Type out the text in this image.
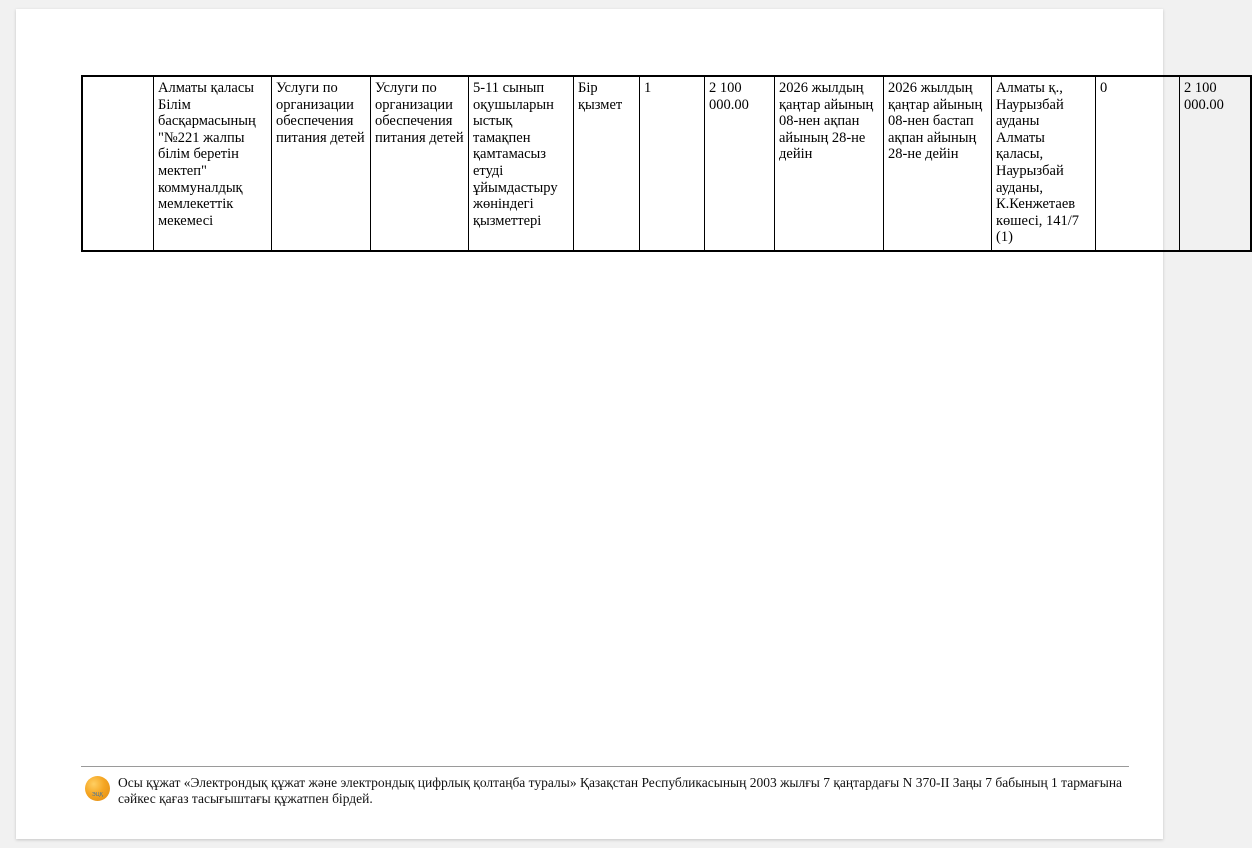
	Алматы қаласы Білім басқармасының "№221 жалпы білім беретін мектеп" коммуналдық мемлекеттік мекемесі	Услуги по организации обеспечения питания детей	Услуги по организации обеспечения питания детей	5-11 сынып оқушыларын ыстық тамақпен қамтамасыз етуді ұйымдастыру жөніндегі қызметтері	Бір қызмет	1	2 100 000.00	2026 жылдың қаңтар айының 08-нен ақпан айының 28-не дейін	2026 жылдың қаңтар айының 08-нен бастап ақпан айының 28-не дейін	Алматы қ., Наурызбай ауданы Алматы қаласы, Наурызбай ауданы, К.Кенжетаев көшесі, 141/7 (1)	0	2 100 000.00
ЭЦҚ
Осы құжат «Электрондық құжат және электрондық цифрлық қолтаңба туралы» Қазақстан Республикасының 2003 жылғы 7 қаңтардағы N 370-II Заңы 7 бабының 1 тармағына сәйкес қағаз тасығыштағы құжатпен бірдей.
